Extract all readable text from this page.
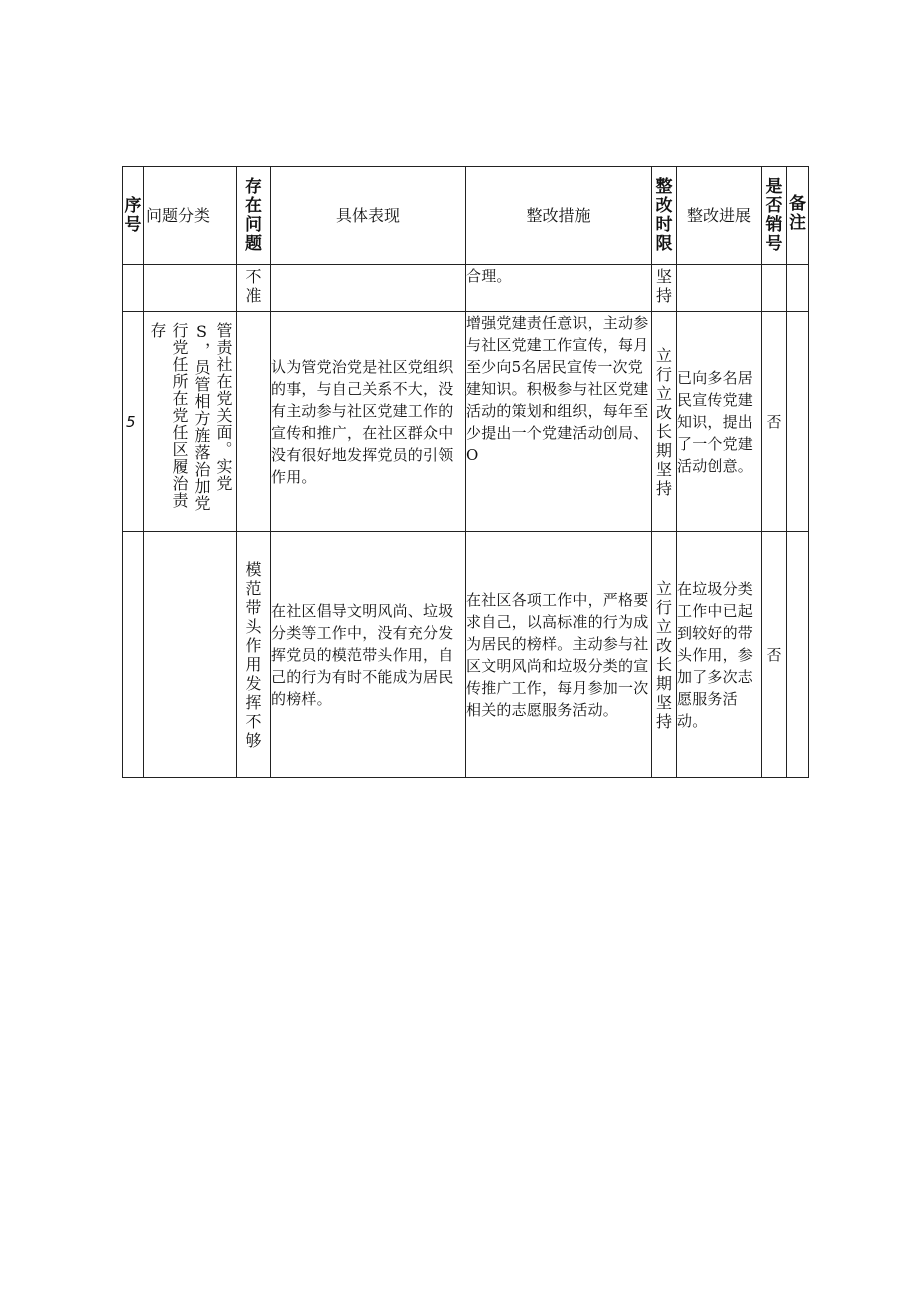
序号	问题分类	存在问题	具体表现	整改措施	整改时限	整改进展	是否销号	备注

		不准		合理。	坚持			

5	管责社在党关面。实党S，员管相方旌落治加党行党任所在党任区履治责存		认为管党治党是社区党组织的事，与自己关系不大，没有主动参与社区党建工作的宣传和推广，在社区群众中没有很好地发挥党员的引领作用。	增强党建责任意识，主动参与社区党建工作宣传，每月至少向5名居民宣传一次党建知识。积极参与社区党建活动的策划和组织，每年至少提出一个党建活动创局、O	立行立改长期坚持	已向多名居民宣传党建知识，提出了一个党建活动创意。	否	

		模范带头作用发挥不够	在社区倡导文明风尚、垃圾分类等工作中，没有充分发挥党员的模范带头作用，自己的行为有时不能成为居民的榜样。	在社区各项工作中，严格要求自己，以高标准的行为成为居民的榜样。主动参与社区文明风尚和垃圾分类的宣传推广工作，每月参加一次相关的志愿服务活动。	立行立改长期坚持	在垃圾分类工作中已起到较好的带头作用，参加了多次志愿服务活动。	否	
